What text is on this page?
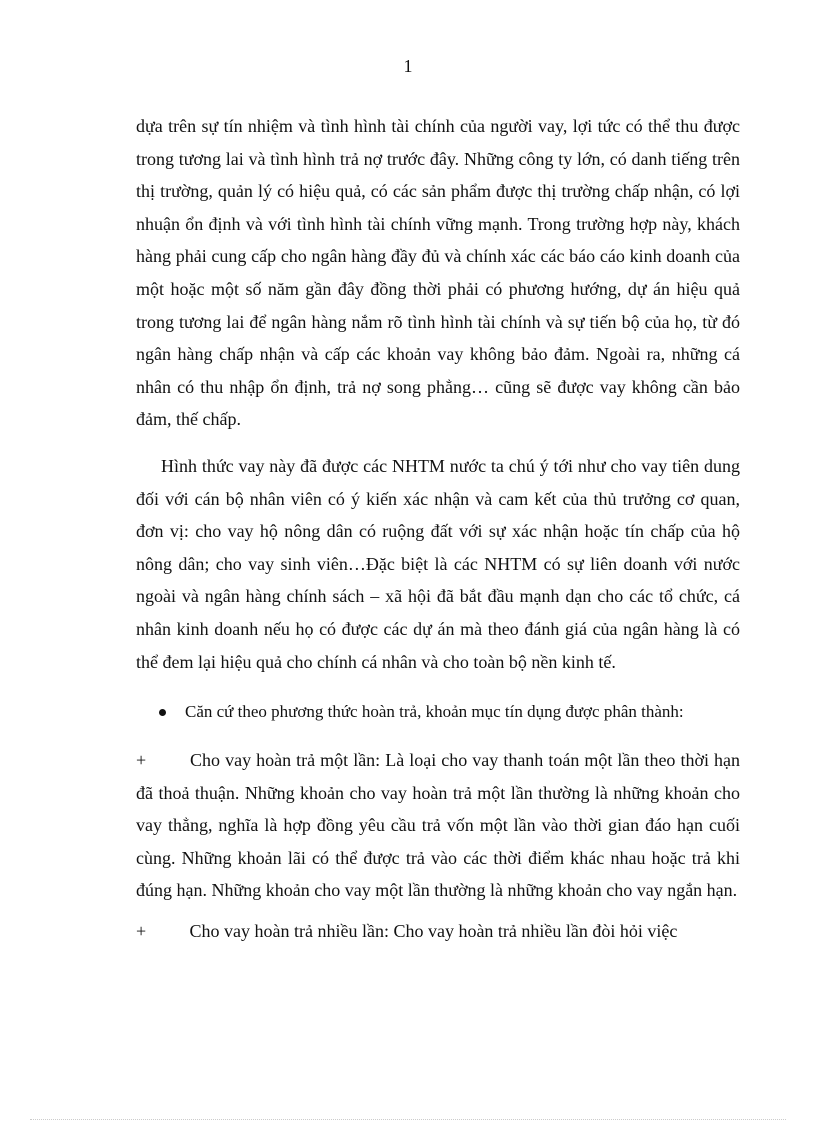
1

dựa trên sự tín nhiệm và tình hình tài chính của người vay, lợi tức có thể thu được trong tương lai và tình hình trả nợ trước đây. Những công ty lớn, có danh tiếng trên thị trường, quản lý có hiệu quả, có các sản phẩm được thị trường chấp nhận, có lợi nhuận ổn định và với tình hình tài chính vững mạnh. Trong trường hợp này, khách hàng phải cung cấp cho ngân hàng đầy đủ và chính xác các báo cáo kinh doanh của một hoặc một số năm gần đây đồng thời phải có phương hướng, dự án hiệu quả trong tương lai để ngân hàng nắm rõ tình hình tài chính và sự tiến bộ của họ, từ đó ngân hàng chấp nhận và cấp các khoản vay không bảo đảm. Ngoài ra, những cá nhân có thu nhập ổn định, trả nợ song phẳng… cũng sẽ được vay không cần bảo đảm, thế chấp.

Hình thức vay này đã được các NHTM nước ta chú ý tới như cho vay tiên dung đối với cán bộ nhân viên có ý kiến xác nhận và cam kết của thủ trưởng cơ quan, đơn vị: cho vay hộ nông dân có ruộng đất với sự xác nhận hoặc tín chấp của hộ nông dân; cho vay sinh viên…Đặc biệt là các NHTM có sự liên doanh với nước ngoài và ngân hàng chính sách – xã hội đã bắt đầu mạnh dạn cho các tổ chức, cá nhân kinh doanh nếu họ có được các dự án mà theo đánh giá của ngân hàng là có thể đem lại hiệu quả cho chính cá nhân và cho toàn bộ nền kinh tế.

Căn cứ theo phương thức hoàn trả, khoản mục tín dụng được phân thành:

+ Cho vay hoàn trả một lần: Là loại cho vay thanh toán một lần theo thời hạn đã thoả thuận. Những khoản cho vay hoàn trả một lần thường là những khoản cho vay thẳng, nghĩa là hợp đồng yêu cầu trả vốn một lần vào thời gian đáo hạn cuối cùng. Những khoản lãi có thể được trả vào các thời điểm khác nhau hoặc trả khi đúng hạn. Những khoản cho vay một lần thường là những khoản cho vay ngắn hạn.

+ Cho vay hoàn trả nhiều lần: Cho vay hoàn trả nhiều lần đòi hỏi việc
